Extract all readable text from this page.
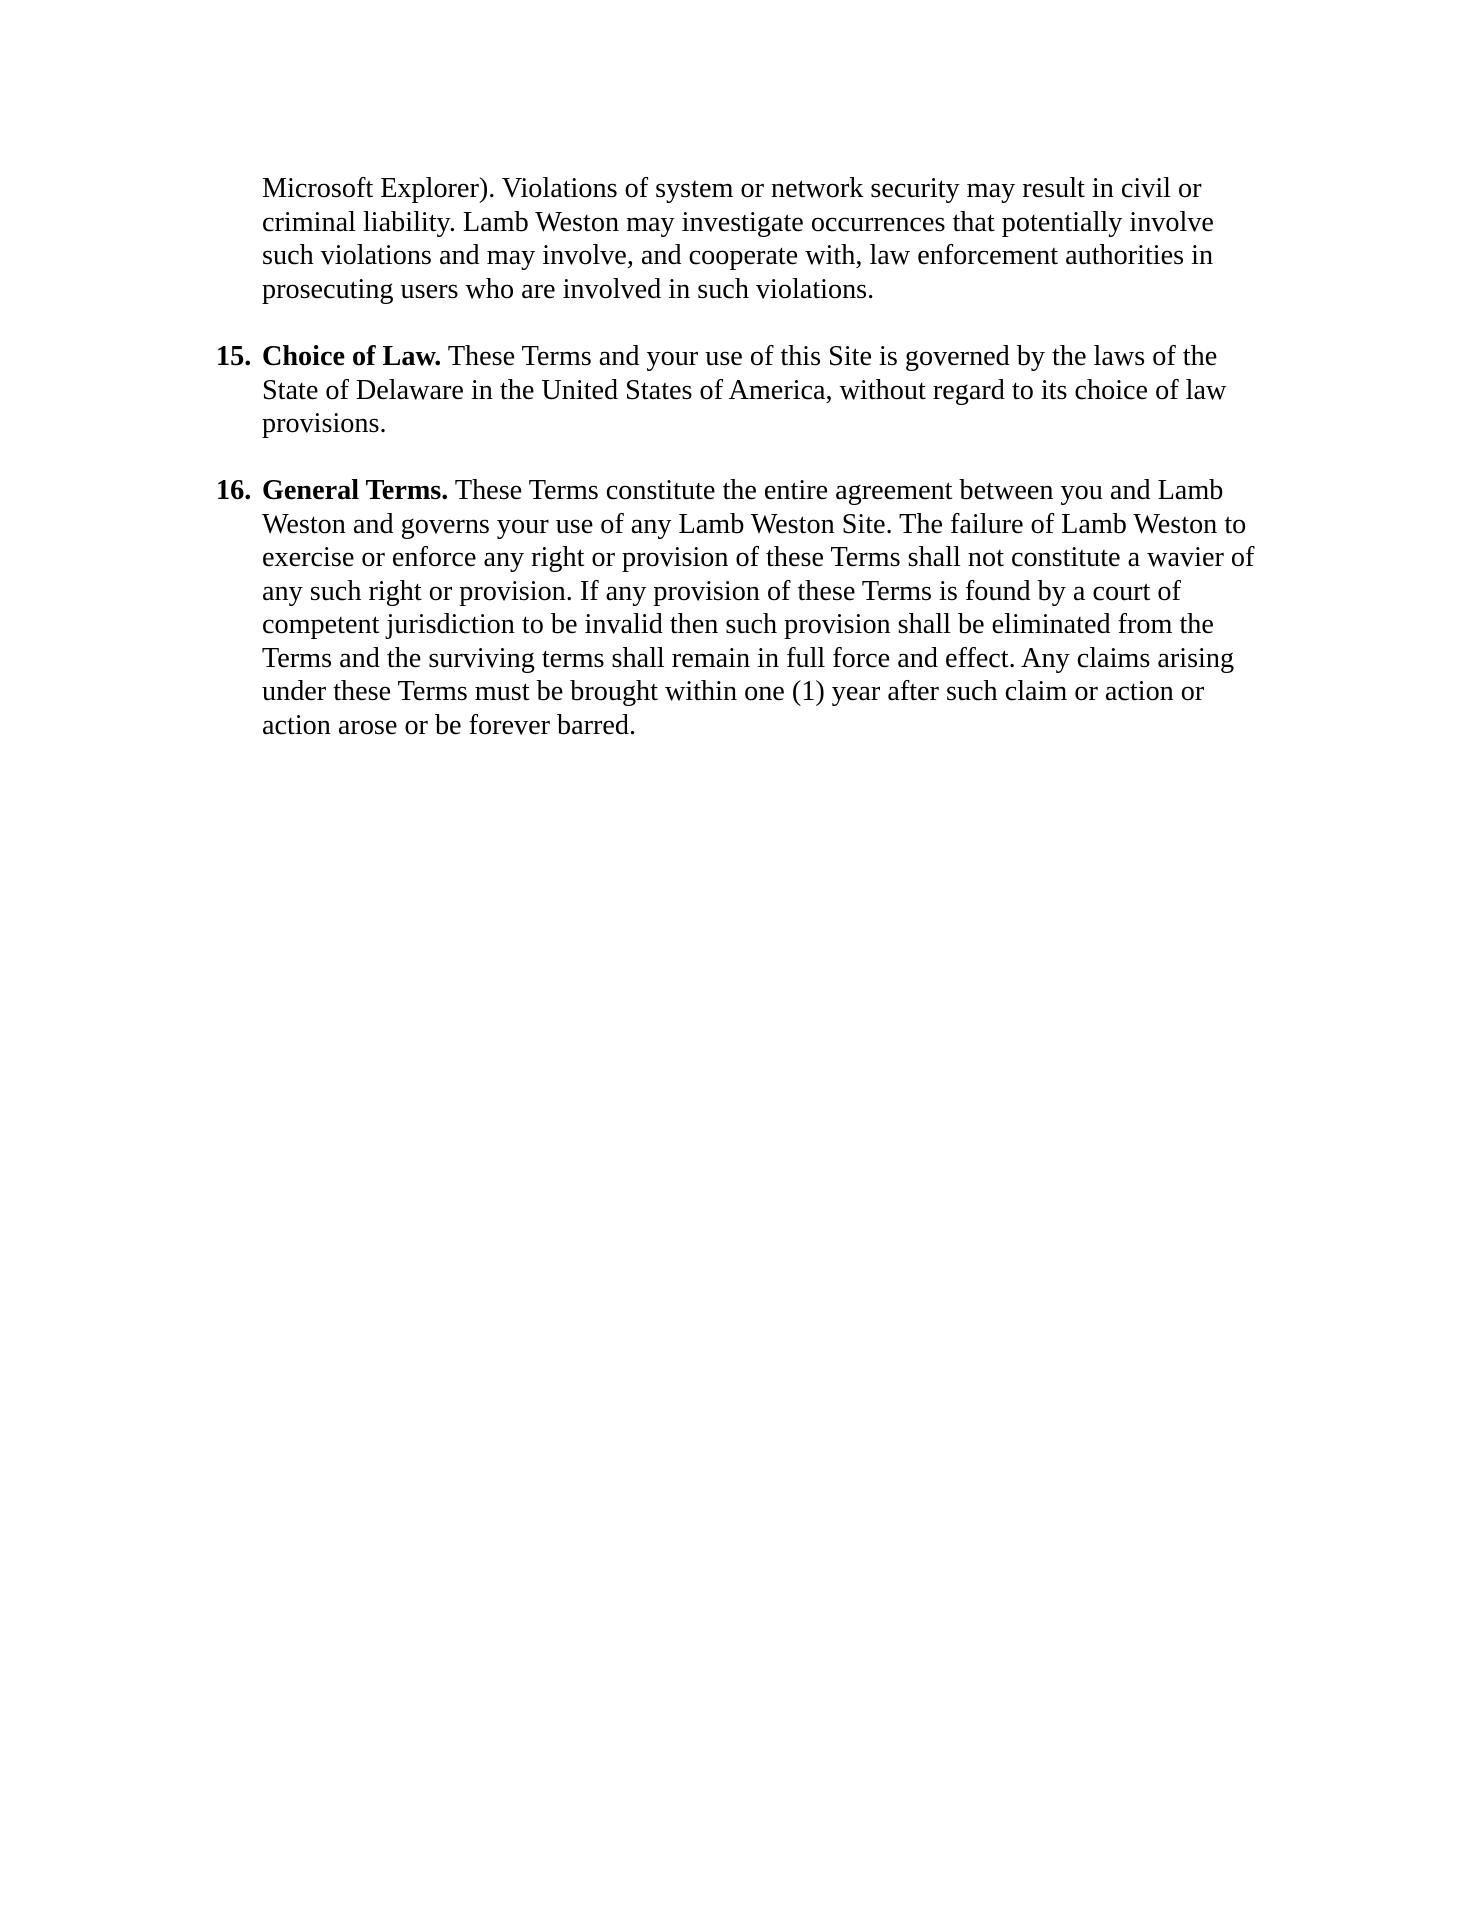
Microsoft Explorer). Violations of system or network security may result in civil or
criminal liability. Lamb Weston may investigate occurrences that potentially involve
such violations and may involve, and cooperate with, law enforcement authorities in
prosecuting users who are involved in such violations.
15. Choice of Law. These Terms and your use of this Site is governed by the laws of the
State of Delaware in the United States of America, without regard to its choice of law
provisions.
16. General Terms. These Terms constitute the entire agreement between you and Lamb
Weston and governs your use of any Lamb Weston Site. The failure of Lamb Weston to
exercise or enforce any right or provision of these Terms shall not constitute a wavier of
any such right or provision. If any provision of these Terms is found by a court of
competent jurisdiction to be invalid then such provision shall be eliminated from the
Terms and the surviving terms shall remain in full force and effect. Any claims arising
under these Terms must be brought within one (1) year after such claim or action or
action arose or be forever barred.
